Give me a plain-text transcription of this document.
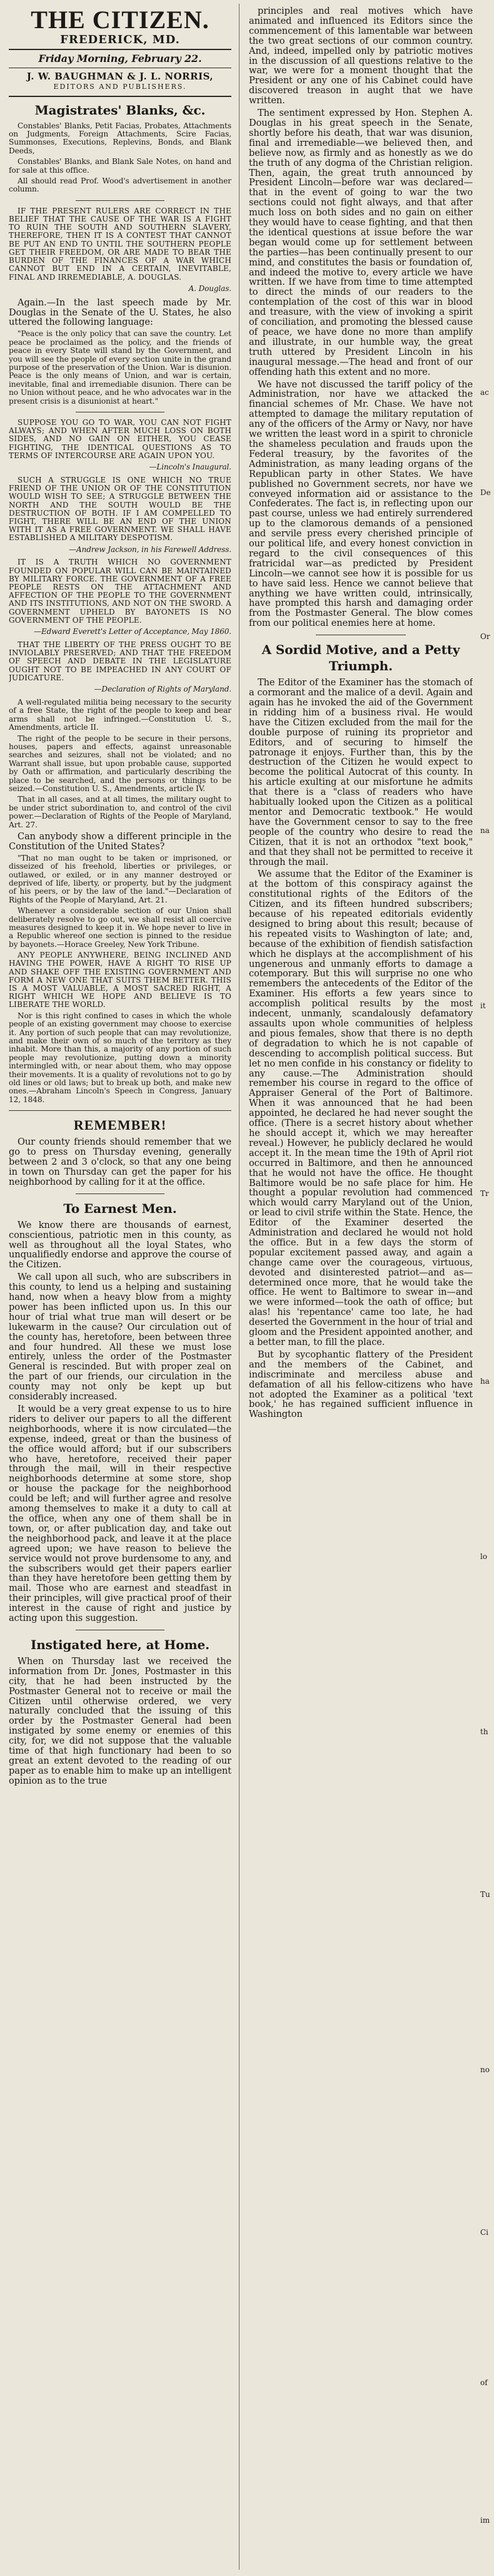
THE CITIZEN.
FREDERICK, MD.
Friday Morning, February 22.
J. W. BAUGHMAN & J. L. NORRIS,
EDITORS AND PUBLISHERS.
Magistrates' Blanks, &c.

Constables' Blanks, Petit Facias, Probates, Attachments on Judgments, Foreign Attachments, Scire Facias, Summonses, Executions, Replevins, Bonds, and Blank Deeds,

Constables' Blanks, and Blank Sale Notes, on hand and for sale at this office.

All should read Prof. Wood's advertisement in another column.

IF THE PRESENT RULERS ARE CORRECT IN THE BELIEF THAT THE CAUSE OF THE WAR IS A FIGHT TO RUIN THE SOUTH AND SOUTHERN SLAVERY, THEREFORE, THEN IT IS A CONTEST THAT CANNOT BE PUT AN END TO UNTIL THE SOUTHERN PEOPLE GET THEIR FREEDOM, OR ARE MADE TO BEAR THE BURDEN OF THE FINANCES OF A WAR WHICH CANNOT BUT END IN A CERTAIN, INEVITABLE, FINAL AND IRREMEDIABLE, A. DOUGLAS.

A. Douglas.

Again.—In the last speech made by Mr. Douglas in the Senate of the U. States, he also uttered the following language:

"Peace is the only policy that can save the country. Let peace be proclaimed as the policy, and the friends of peace in every State will stand by the Government, and you will see the people of every section unite in the grand purpose of the preservation of the Union. War is disunion. Peace is the only means of Union, and war is certain, inevitable, final and irremediable disunion. There can be no Union without peace, and he who advocates war in the present crisis is a disunionist at heart."

SUPPOSE YOU GO TO WAR, YOU CAN NOT FIGHT ALWAYS; AND WHEN AFTER MUCH LOSS ON BOTH SIDES, AND NO GAIN ON EITHER, YOU CEASE FIGHTING, THE IDENTICAL QUESTIONS AS TO TERMS OF INTERCOURSE ARE AGAIN UPON YOU.

—Lincoln's Inaugural.

SUCH A STRUGGLE IS ONE WHICH NO TRUE FRIEND OF THE UNION OR OF THE CONSTITUTION WOULD WISH TO SEE; A STRUGGLE BETWEEN THE NORTH AND THE SOUTH WOULD BE THE DESTRUCTION OF BOTH. IF I AM COMPELLED TO FIGHT, THERE WILL BE AN END OF THE UNION WITH IT AS A FREE GOVERNMENT. WE SHALL HAVE ESTABLISHED A MILITARY DESPOTISM.

—Andrew Jackson, in his Farewell Address.

IT IS A TRUTH WHICH NO GOVERNMENT FOUNDED ON POPULAR WILL CAN BE MAINTAINED BY MILITARY FORCE. THE GOVERNMENT OF A FREE PEOPLE RESTS ON THE ATTACHMENT AND AFFECTION OF THE PEOPLE TO THE GOVERNMENT AND ITS INSTITUTIONS, AND NOT ON THE SWORD. A GOVERNMENT UPHELD BY BAYONETS IS NO GOVERNMENT OF THE PEOPLE.

—Edward Everett's Letter of Acceptance, May 1860.

THAT THE LIBERTY OF THE PRESS OUGHT TO BE INVIOLABLY PRESERVED; AND THAT THE FREEDOM OF SPEECH AND DEBATE IN THE LEGISLATURE OUGHT NOT TO BE IMPEACHED IN ANY COURT OF JUDICATURE.

—Declaration of Rights of Maryland.

A well-regulated militia being necessary to the security of a free State, the right of the people to keep and bear arms shall not be infringed.—Constitution U. S., Amendments, article II.

The right of the people to be secure in their persons, houses, papers and effects, against unreasonable searches and seizures, shall not be violated; and no Warrant shall issue, but upon probable cause, supported by Oath or affirmation, and particularly describing the place to be searched, and the persons or things to be seized.—Constitution U. S., Amendments, article IV.

That in all cases, and at all times, the military ought to be under strict subordination to, and control of the civil power.—Declaration of Rights of the People of Maryland, Art. 27.

Can anybody show a different principle in the Constitution of the United States?

"That no man ought to be taken or imprisoned, or disseized of his freehold, liberties or privileges, or outlawed, or exiled, or in any manner destroyed or deprived of life, liberty, or property, but by the judgment of his peers, or by the law of the land."—Declaration of Rights of the People of Maryland, Art. 21.

Whenever a considerable section of our Union shall deliberately resolve to go out, we shall resist all coercive measures designed to keep it in. We hope never to live in a Republic whereof one section is pinned to the residue by bayonets.—Horace Greeley, New York Tribune.

ANY PEOPLE ANYWHERE, BEING INCLINED AND HAVING THE POWER, HAVE A RIGHT TO RISE UP AND SHAKE OFF THE EXISTING GOVERNMENT AND FORM A NEW ONE THAT SUITS THEM BETTER. THIS IS A MOST VALUABLE, A MOST SACRED RIGHT, A RIGHT WHICH WE HOPE AND BELIEVE IS TO LIBERATE THE WORLD.

Nor is this right confined to cases in which the whole people of an existing government may choose to exercise it. Any portion of such people that can may revolutionize, and make their own of so much of the territory as they inhabit. More than this, a majority of any portion of such people may revolutionize, putting down a minority intermingled with, or near about them, who may oppose their movements. It is a quality of revolutions not to go by old lines or old laws; but to break up both, and make new ones.—Abraham Lincoln's Speech in Congress, January 12, 1848.

REMEMBER!

Our county friends should remember that we go to press on Thursday evening, generally between 2 and 3 o'clock, so that any one being in town on Thursday can get the paper for his neighborhood by calling for it at the office.

To Earnest Men.

We know there are thousands of earnest, conscientious, patriotic men in this county, as well as throughout all the loyal States, who unqualifiedly endorse and approve the course of the Citizen.

We call upon all such, who are subscribers in this county, to lend us a helping and sustaining hand, now when a heavy blow from a mighty power has been inflicted upon us. In this our hour of trial what true man will desert or be lukewarm in the cause? Our circulation out of the county has, heretofore, been between three and four hundred. All these we must lose entirely, unless the order of the Postmaster General is rescinded. But with proper zeal on the part of our friends, our circulation in the county may not only be kept up but considerably increased.

It would be a very great expense to us to hire riders to deliver our papers to all the different neighborhoods, where it is now circulated—the expense, indeed, great or than the business of the office would afford; but if our subscribers who have, heretofore, received their paper through the mail, will in their respective neighborhoods determine at some store, shop or house the package for the neighborhood could be left; and will further agree and resolve among themselves to make it a duty to call at the office, when any one of them shall be in town, or, or after publication day, and take out the neighborhood pack, and leave it at the place agreed upon; we have reason to believe the service would not prove burdensome to any, and the subscribers would get their papers earlier than they have heretofore been getting them by mail. Those who are earnest and steadfast in their principles, will give practical proof of their interest in the cause of right and justice by acting upon this suggestion.

Instigated here, at Home.

When on Thursday last we received the information from Dr. Jones, Postmaster in this city, that he had been instructed by the Postmaster General not to receive or mail the Citizen until otherwise ordered, we very naturally concluded that the issuing of this order by the Postmaster General had been instigated by some enemy or enemies of this city, for, we did not suppose that the valuable time of that high functionary had been to so great an extent devoted to the reading of our paper as to enable him to make up an intelligent opinion as to the true

principles and real motives which have animated and influenced its Editors since the commencement of this lamentable war between the two great sections of our common country. And, indeed, impelled only by patriotic motives in the discussion of all questions relative to the war, we were for a moment thought that the President or any one of his Cabinet could have discovered treason in aught that we have written.

The sentiment expressed by Hon. Stephen A. Douglas in his great speech in the Senate, shortly before his death, that war was disunion, final and irremediable—we believed then, and believe now, as firmly and as honestly as we do the truth of any dogma of the Christian religion. Then, again, the great truth announced by President Lincoln—before war was declared—that in the event of going to war the two sections could not fight always, and that after much loss on both sides and no gain on either they would have to cease fighting, and that then the identical questions at issue before the war began would come up for settlement between the parties—has been continually present to our mind, and constitutes the basis or foundation of, and indeed the motive to, every article we have written. If we have from time to time attempted to direct the minds of our readers to the contemplation of the cost of this war in blood and treasure, with the view of invoking a spirit of conciliation, and promoting the blessed cause of peace, we have done no more than amplify and illustrate, in our humble way, the great truth uttered by President Lincoln in his inaugural message.—The head and front of our offending hath this extent and no more.

We have not discussed the tariff policy of the Administration, nor have we attacked the financial schemes of Mr. Chase. We have not attempted to damage the military reputation of any of the officers of the Army or Navy, nor have we written the least word in a spirit to chronicle the shameless peculation and frauds upon the Federal treasury, by the favorites of the Administration, as many leading organs of the Republican party in other States. We have published no Government secrets, nor have we conveyed information aid or assistance to the Confederates. The fact is, in reflecting upon our past course, unless we had entirely surrendered up to the clamorous demands of a pensioned and servile press every cherished principle of our political life, and every honest conviction in regard to the civil consequences of this fratricidal war—as predicted by President Lincoln—we cannot see how it is possible for us to have said less. Hence we cannot believe that anything we have written could, intrinsically, have prompted this harsh and damaging order from the Postmaster General. The blow comes from our political enemies here at home.

A Sordid Motive, and a Petty Triumph.

The Editor of the Examiner has the stomach of a cormorant and the malice of a devil. Again and again has he invoked the aid of the Government in ridding him of a business rival. He would have the Citizen excluded from the mail for the double purpose of ruining its proprietor and Editors, and of securing to himself the patronage it enjoys. Further than, this by the destruction of the Citizen he would expect to become the political Autocrat of this county. In his article exulting at our misfortune he admits that there is a "class of readers who have habitually looked upon the Citizen as a political mentor and Democratic textbook." He would have the Government censor to say to the free people of the country who desire to read the Citizen, that it is not an orthodox "text book," and that they shall not be permitted to receive it through the mail.

We assume that the Editor of the Examiner is at the bottom of this conspiracy against the constitutional rights of the Editors of the Citizen, and its fifteen hundred subscribers; because of his repeated editorials evidently designed to bring about this result; because of his repeated visits to Washington of late; and, because of the exhibition of fiendish satisfaction which he displays at the accomplishment of his ungenerous and unmanly efforts to damage a cotemporary. But this will surprise no one who remembers the antecedents of the Editor of the Examiner. His efforts a few years since to accomplish political results by the most indecent, unmanly, scandalously defamatory assaults upon whole communities of helpless and pious females, show that there is no depth of degradation to which he is not capable of descending to accomplish political success. But let no men confide in his constancy or fidelity to any cause.—The Administration should remember his course in regard to the office of Appraiser General of the Port of Baltimore. When it was announced that he had been appointed, he declared he had never sought the office. (There is a secret history about whether he should accept it, which we may hereafter reveal.) However, he publicly declared he would accept it. In the mean time the 19th of April riot occurred in Baltimore, and then he announced that he would not have the office. He thought Baltimore would be no safe place for him. He thought a popular revolution had commenced which would carry Maryland out of the Union, or lead to civil strife within the State. Hence, the Editor of the Examiner deserted the Administration and declared he would not hold the office. But in a few days the storm of popular excitement passed away, and again a change came over the courageous, virtuous, devoted and disinterested patriot—and as—determined once more, that he would take the office. He went to Baltimore to swear in—and we were informed—took the oath of office; but alas! his 'repentance' came too late, he had deserted the Government in the hour of trial and gloom and the President appointed another, and a better man, to fill the place.

But by sycophantic flattery of the President and the members of the Cabinet, and indiscriminate and merciless abuse and defamation of all his fellow-citizens who have not adopted the Examiner as a political 'text book,' he has regained sufficient influence in Washington

ac
De
Or
na
it
Tr
ha
lo
th
Tu
no
Ci
of
im
